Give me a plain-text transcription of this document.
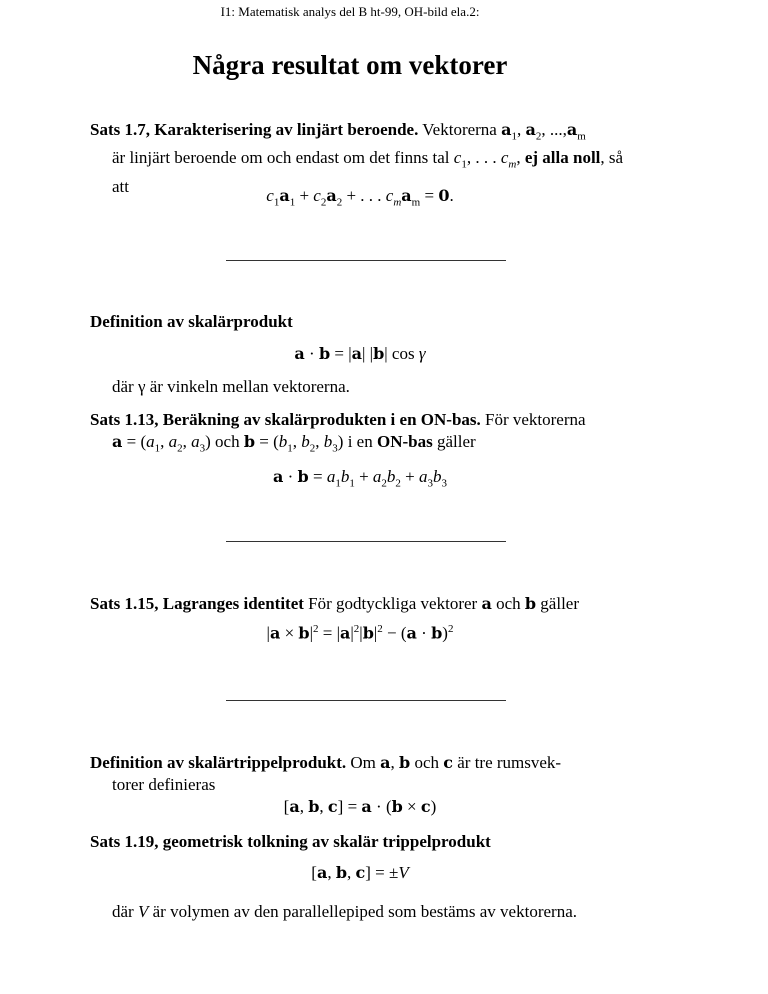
I1: Matematisk analys del B ht-99, OH-bild ela.2:
Några resultat om vektorer
Sats 1.7, Karakterisering av linjärt beroende. Vektorerna $a_1$, $a_2$, $...,a_m$
är linjärt beroende om och endast om det finns tal $c_1$, . . . $c_m$, ej alla noll, så att	$c_1a_1 + c_2a_2$ + . . . $c_ma_m = 0$.
Definition av skalärprodukt
a · b = |a| |b| cos γ
där γ är vinkeln mellan vektorerna.
Sats 1.13, Beräkning av skalärprodukten i en ON-bas. För vektorerna
$a = (a_1$, $a_2$, $a_3$) och $b = (b_1$, $b_2$, $b_3$) i en ON-bas gäller
$a \cdot b = a_1b_1 + a_2b_2 + a_3b_3$
Sats 1.15, Lagranges identitet För godtyckliga vektorer a och b gäller
$|a \times b|^2 = |a|^2|b|^2 - (a \cdot b)^2$
Definition av skalärtrippelprodukt. Om a, b och c är tre rumsvek-
torer definieras
[a, b, c] = a · (b × c)
Sats 1.19, geometrisk tolkning av skalär trippelprodukt
[a, b, c] = ±V
där V är volymen av den parallellepiped som bestäms av vektorerna.
